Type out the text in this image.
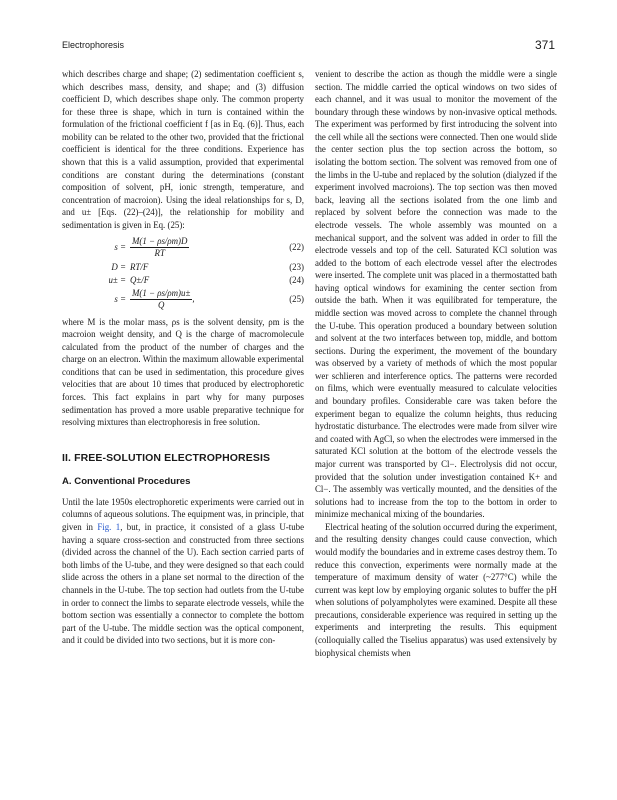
Electrophoresis	371

which describes charge and shape; (2) sedimentation coefficient s, which describes mass, density, and shape; and (3) diffusion coefficient D, which describes shape only. The common property for these three is shape, which in turn is contained within the formulation of the frictional coefficient f [as in Eq. (6)]. Thus, each mobility can be related to the other two, provided that the frictional coefficient is identical for the three conditions. Experience has shown that this is a valid assumption, provided that experimental conditions are constant during the determinations (constant composition of solvent, pH, ionic strength, temperature, and concentration of macroion). Using the ideal relationships for s, D, and u± [Eqs. (22)–(24)], the relationship for mobility and sedimentation is given in Eq. (25):

$s = \frac{M(1 - \rho s/\rho m)D}{RT}$	(22)
D = RT/F	(23)
u± = Q±/F	(24)
$s = \frac{M(1 - \rho s/\rho m)u\pm}{Q}$ ,	(25)

where M is the molar mass, ρs is the solvent density, ρm is the macroion weight density, and Q is the charge of macromolecule calculated from the product of the number of charges and the charge on an electron. Within the maximum allowable experimental conditions that can be used in sedimentation, this procedure gives velocities that are about 10 times that produced by electrophoretic forces. This fact explains in part why for many purposes sedimentation has proved a more usable preparative technique for resolving mixtures than electrophoresis in free solution.

II. FREE-SOLUTION ELECTROPHORESIS
A. Conventional Procedures

Until the late 1950s electrophoretic experiments were carried out in columns of aqueous solutions. The equipment was, in principle, that given in Fig. 1, but, in practice, it consisted of a glass U-tube having a square cross-section and constructed from three sections (divided across the channel of the U). Each section carried parts of both limbs of the U-tube, and they were designed so that each could slide across the others in a plane set normal to the direction of the channels in the U-tube. The top section had outlets from the U-tube in order to connect the limbs to separate electrode vessels, while the bottom section was essentially a connector to complete the bottom part of the U-tube. The middle section was the optical component, and it could be divided into two sections, but it is more con-

venient to describe the action as though the middle were a single section. The middle carried the optical windows on two sides of each channel, and it was usual to monitor the movement of the boundary through these windows by non-invasive optical methods. The experiment was performed by first introducing the solvent into the cell while all the sections were connected. Then one would slide the center section plus the top section across the bottom, so isolating the bottom section. The solvent was removed from one of the limbs in the U-tube and replaced by the solution (dialyzed if the experiment involved macroions). The top section was then moved back, leaving all the sections isolated from the one limb and replaced by solvent before the connection was made to the electrode vessels. The whole assembly was mounted on a mechanical support, and the solvent was added in order to fill the electrode vessels and top of the cell. Saturated KCl solution was added to the bottom of each electrode vessel after the electrodes were inserted. The complete unit was placed in a thermostatted bath having optical windows for examining the center section from outside the bath. When it was equilibrated for temperature, the middle section was moved across to complete the channel through the U-tube. This operation produced a boundary between solution and solvent at the two interfaces between top, middle, and bottom sections. During the experiment, the movement of the boundary was observed by a variety of methods of which the most popular wer schlieren and interference optics. The patterns were recorded on films, which were eventually measured to calculate velocities and boundary profiles. Considerable care was taken before the experiment began to equalize the column heights, thus reducing hydrostatic disturbance. The electrodes were made from silver wire and coated with AgCl, so when the electrodes were immersed in the saturated KCl solution at the bottom of the electrode vessels the major current was transported by Cl−. Electrolysis did not occur, provided that the solution under investigation contained K+ and Cl−. The assembly was vertically mounted, and the densities of the solutions had to increase from the top to the bottom in order to minimize mechanical mixing of the boundaries.

Electrical heating of the solution occurred during the experiment, and the resulting density changes could cause convection, which would modify the boundaries and in extreme cases destroy them. To reduce this convection, experiments were normally made at the temperature of maximum density of water (~277°C) while the current was kept low by employing organic solutes to buffer the pH when solutions of polyampholytes were examined. Despite all these precautions, considerable experience was required in setting up the experiments and interpreting the results. This equipment (colloquially called the Tiselius apparatus) was used extensively by biophysical chemists when
